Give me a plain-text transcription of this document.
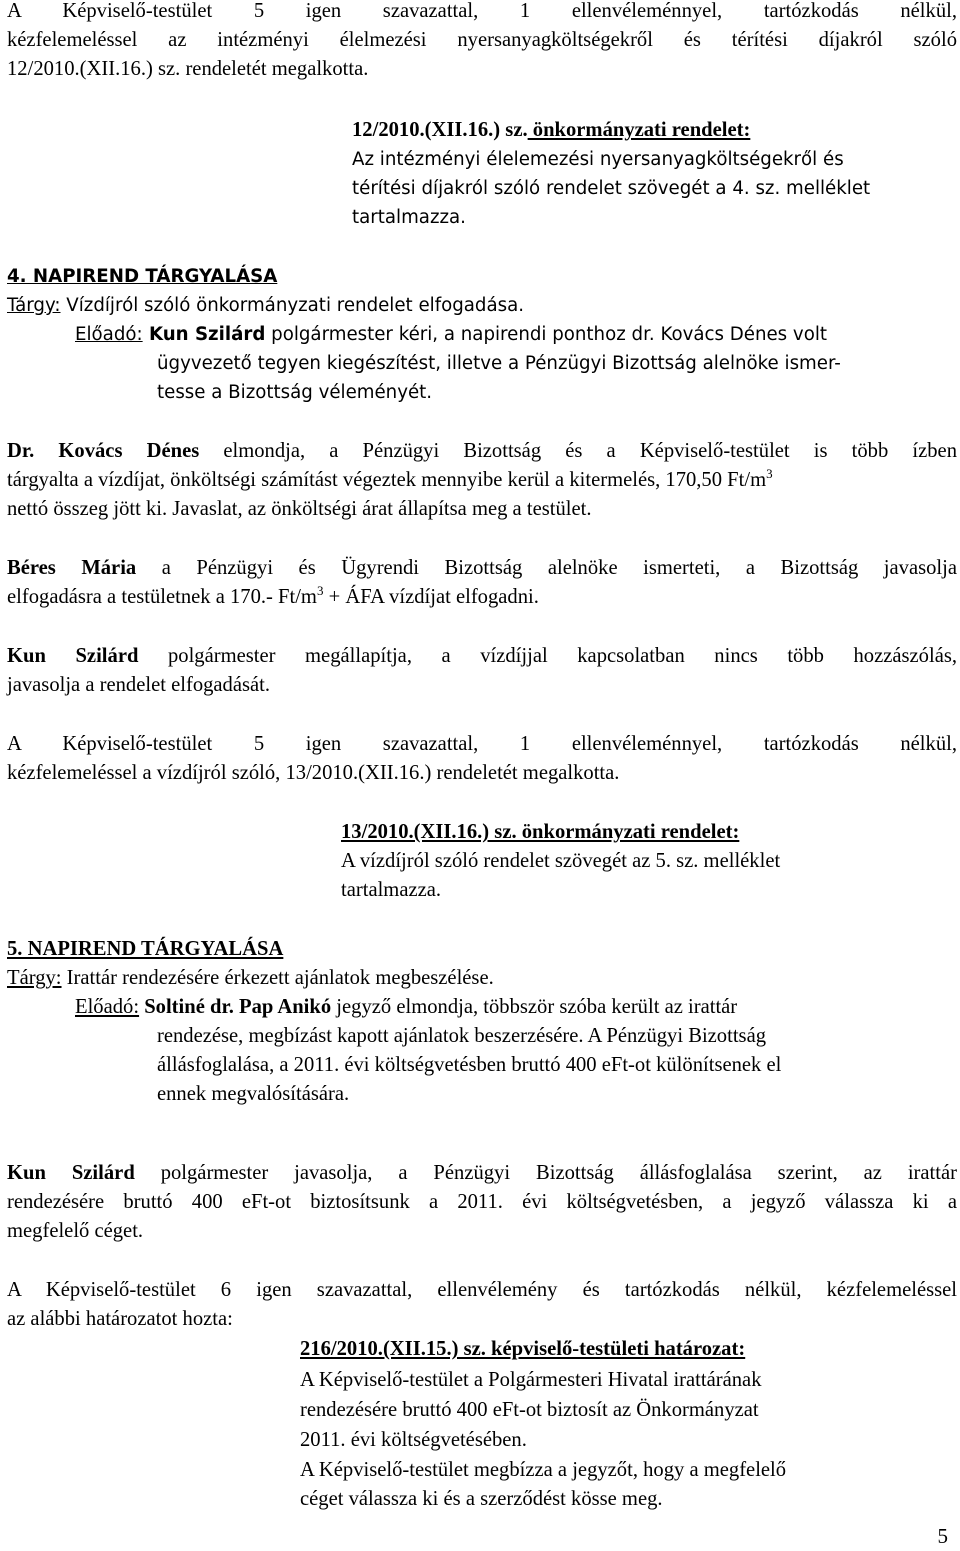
A Képviselő-testület 5 igen szavazattal, 1 ellenvéleménnyel, tartózkodás nélkül,

kézfelemeléssel az intézményi élelmezési nyersanyagköltségekről és térítési díjakról szóló

12/2010.(XII.16.) sz. rendeletét megalkotta.

12/2010.(XII.16.) sz. önkormányzati rendelet:

Az intézményi élelemezési nyersanyagköltségekről és

térítési díjakról szóló rendelet szövegét a 4. sz. melléklet

tartalmazza.

4. NAPIREND TÁRGYALÁSA

Tárgy: Vízdíjról szóló önkormányzati rendelet elfogadása.

Előadó: Kun Szilárd polgármester kéri, a napirendi ponthoz dr. Kovács Dénes volt

ügyvezető tegyen kiegészítést, illetve a Pénzügyi Bizottság alelnöke ismer-

tesse a Bizottság véleményét.

Dr. Kovács Dénes elmondja, a Pénzügyi Bizottság és a Képviselő-testület is több ízben

tárgyalta a vízdíjat, önköltségi számítást végeztek mennyibe kerül a kitermelés, 170,50 $Ft/m^3$

nettó összeg jött ki. Javaslat, az önköltségi árat állapítsa meg a testület.

Béres Mária a Pénzügyi és Ügyrendi Bizottság alelnöke ismerteti, a Bizottság javasolja

elfogadásra a testületnek a 170.- $Ft/m^3$ + ÁFA vízdíjat elfogadni.

Kun Szilárd polgármester megállapítja, a vízdíjjal kapcsolatban nincs több hozzászólás,

javasolja a rendelet elfogadását.

A Képviselő-testület 5 igen szavazattal, 1 ellenvéleménnyel, tartózkodás nélkül,

kézfelemeléssel a vízdíjról szóló, 13/2010.(XII.16.) rendeletét megalkotta.

13/2010.(XII.16.) sz. önkormányzati rendelet:

A vízdíjról szóló rendelet szövegét az 5. sz. melléklet

tartalmazza.

5. NAPIREND TÁRGYALÁSA

Tárgy: Irattár rendezésére érkezett ajánlatok megbeszélése.

Előadó: Soltiné dr. Pap Anikó jegyző elmondja, többször szóba került az irattár

rendezése, megbízást kapott ajánlatok beszerzésére. A Pénzügyi Bizottság

állásfoglalása, a 2011. évi költségvetésben bruttó 400 eFt-ot különítsenek el

ennek megvalósítására.

Kun Szilárd polgármester javasolja, a Pénzügyi Bizottság állásfoglalása szerint, az irattár

rendezésére bruttó 400 eFt-ot biztosítsunk a 2011. évi költségvetésben, a jegyző válassza ki a

megfelelő céget.

A Képviselő-testület 6 igen szavazattal, ellenvélemény és tartózkodás nélkül, kézfelemeléssel

az alábbi határozatot hozta:

216/2010.(XII.15.) sz. képviselő-testületi határozat:

A Képviselő-testület a Polgármesteri Hivatal irattárának

rendezésére bruttó 400 eFt-ot biztosít az Önkormányzat

2011. évi költségvetésében.

A Képviselő-testület megbízza a jegyzőt, hogy a megfelelő

céget válassza ki és a szerződést kösse meg.

5
